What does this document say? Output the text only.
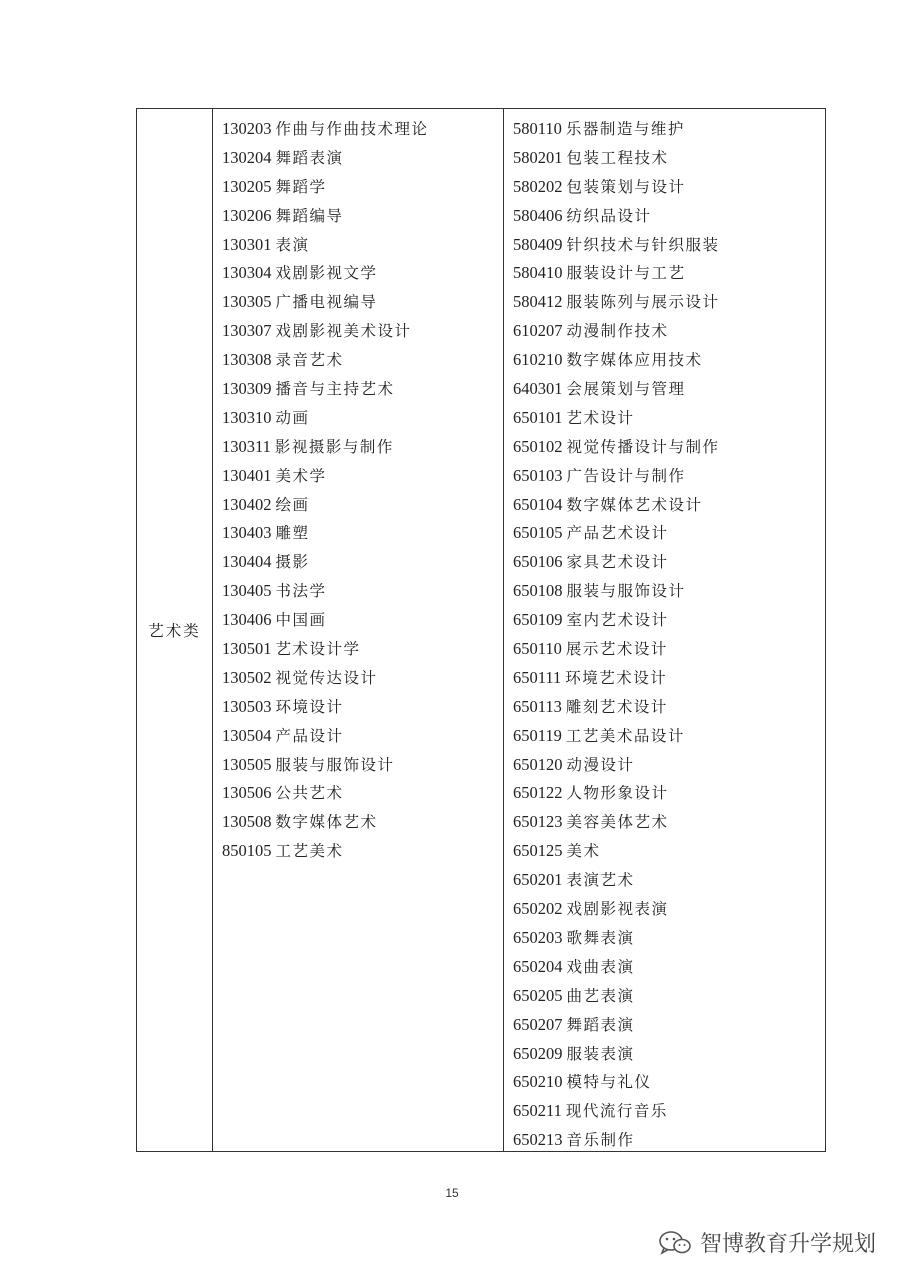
艺术类
130203 作曲与作曲技术理论
130204 舞蹈表演
130205 舞蹈学
130206 舞蹈编导
130301 表演
130304 戏剧影视文学
130305 广播电视编导
130307 戏剧影视美术设计
130308 录音艺术
130309 播音与主持艺术
130310 动画
130311 影视摄影与制作
130401 美术学
130402 绘画
130403 雕塑
130404 摄影
130405 书法学
130406 中国画
130501 艺术设计学
130502 视觉传达设计
130503 环境设计
130504 产品设计
130505 服装与服饰设计
130506 公共艺术
130508 数字媒体艺术
850105 工艺美术
580110 乐器制造与维护
580201 包装工程技术
580202 包装策划与设计
580406 纺织品设计
580409 针织技术与针织服装
580410 服装设计与工艺
580412 服装陈列与展示设计
610207 动漫制作技术
610210 数字媒体应用技术
640301 会展策划与管理
650101 艺术设计
650102 视觉传播设计与制作
650103 广告设计与制作
650104 数字媒体艺术设计
650105 产品艺术设计
650106 家具艺术设计
650108 服装与服饰设计
650109 室内艺术设计
650110 展示艺术设计
650111 环境艺术设计
650113 雕刻艺术设计
650119 工艺美术品设计
650120 动漫设计
650122 人物形象设计
650123 美容美体艺术
650125 美术
650201 表演艺术
650202 戏剧影视表演
650203 歌舞表演
650204 戏曲表演
650205 曲艺表演
650207 舞蹈表演
650209 服装表演
650210 模特与礼仪
650211 现代流行音乐
650213 音乐制作
15
智博教育升学规划
